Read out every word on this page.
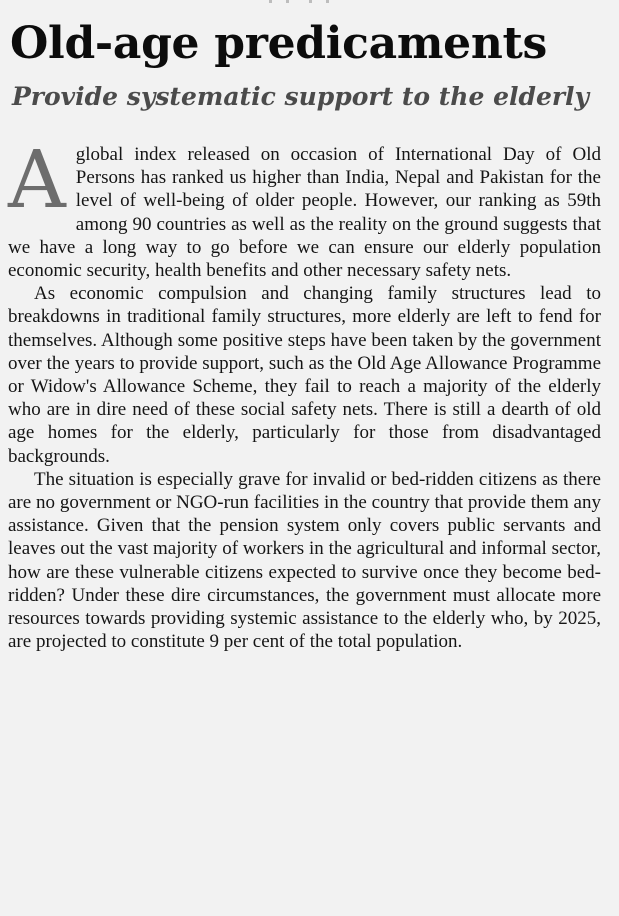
Old-age predicaments
Provide systematic support to the elderly

Aglobal index released on occasion of International Day of Old Persons has ranked us higher than India, Nepal and Pakistan for the level of well-being of older people. However, our ranking as 59th among 90 countries as well as the reality on the ground suggests that we have a long way to go before we can ensure our elderly population economic security, health benefits and other necessary safety nets.

As economic compulsion and changing family structures lead to breakdowns in traditional family structures, more elderly are left to fend for themselves. Although some positive steps have been taken by the government over the years to provide support, such as the Old Age Allowance Programme or Widow's Allowance Scheme, they fail to reach a majority of the elderly who are in dire need of these social safety nets. There is still a dearth of old age homes for the elderly, particularly for those from disadvantaged backgrounds.

The situation is especially grave for invalid or bed-ridden citizens as there are no government or NGO-run facilities in the country that provide them any assistance. Given that the pension system only covers public servants and leaves out the vast majority of workers in the agricultural and informal sector, how are these vulnerable citizens expected to survive once they become bed-ridden? Under these dire circumstances, the government must allocate more resources towards providing systemic assistance to the elderly who, by 2025, are projected to constitute 9 per cent of the total population.
